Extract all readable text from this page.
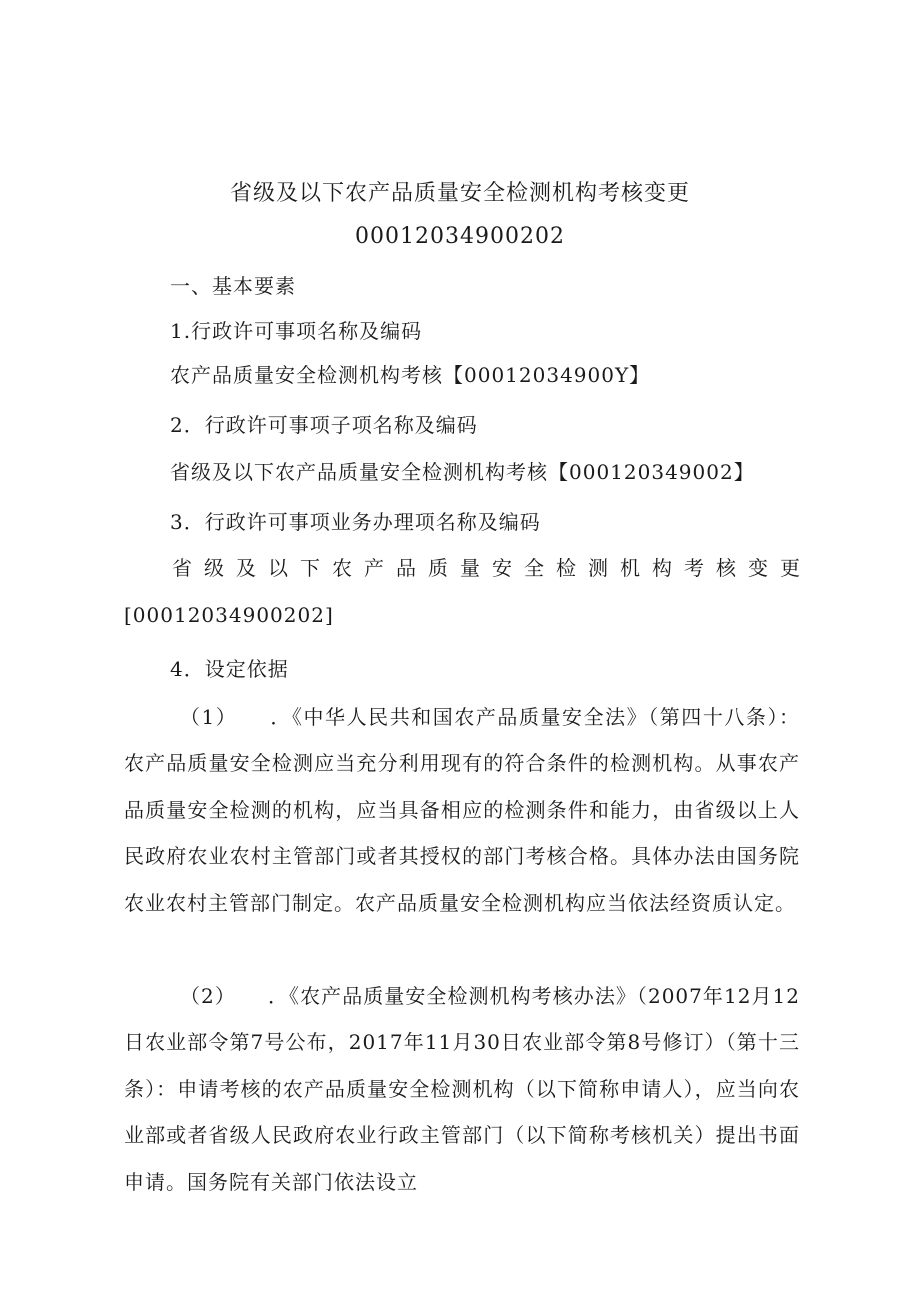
省级及以下农产品质量安全检测机构考核变更
00012034900202
一、基本要素
1.行政许可事项名称及编码
农产品质量安全检测机构考核【00012034900Y】
2．行政许可事项子项名称及编码
省级及以下农产品质量安全检测机构考核【000120349002】
3．行政许可事项业务办理项名称及编码
省 级 及 以 下 农 产 品 质 量 安 全 检 测 机 构 考 核 变 更
[00012034900202]
4．设定依据
（1）　　．《中华人民共和国农产品质量安全法》（第四十八条）：农产品质量安全检测应当充分利用现有的符合条件的检测机构。从事农产品质量安全检测的机构，应当具备相应的检测条件和能力，由省级以上人民政府农业农村主管部门或者其授权的部门考核合格。具体办法由国务院农业农村主管部门制定。农产品质量安全检测机构应当依法经资质认定。
（2）　　．《农产品质量安全检测机构考核办法》（2007年12月12日农业部令第7号公布，2017年11月30日农业部令第8号修订）（第十三条）：申请考核的农产品质量安全检测机构（以下简称申请人），应当向农业部或者省级人民政府农业行政主管部门（以下简称考核机关）提出书面申请。国务院有关部门依法设立
